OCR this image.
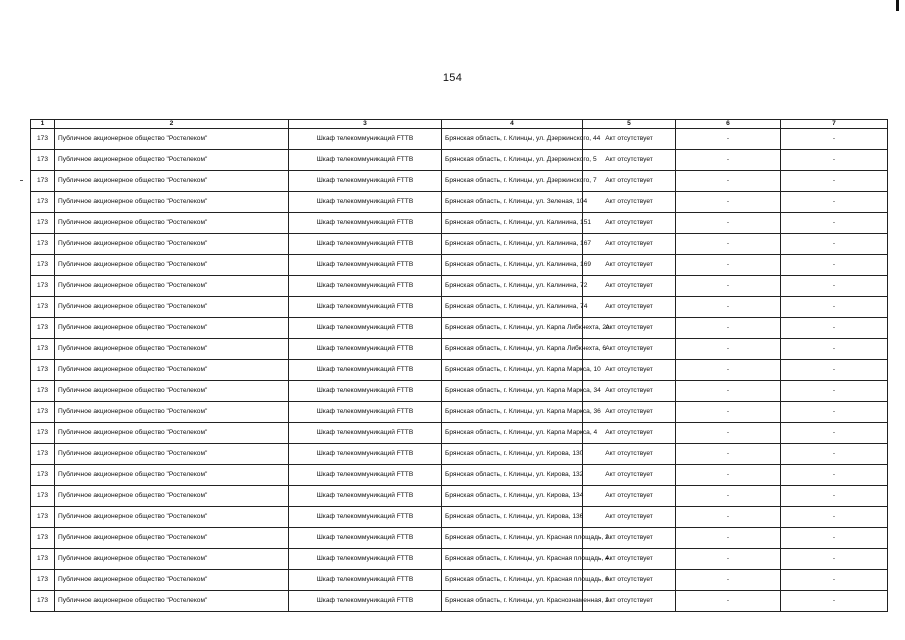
154
1	2	3	4	5	6	7
173	Публичное акционерное общество "Ростелеком"	Шкаф телекоммуникаций FTTB	Брянская область, г. Клинцы, ул. Дзержинского, 44	Акт отсутствует	-	-
173	Публичное акционерное общество "Ростелеком"	Шкаф телекоммуникаций FTTB	Брянская область, г. Клинцы, ул. Дзержинского, 5	Акт отсутствует	-	-
173	Публичное акционерное общество "Ростелеком"	Шкаф телекоммуникаций FTTB	Брянская область, г. Клинцы, ул. Дзержинского, 7	Акт отсутствует	-	-
173	Публичное акционерное общество "Ростелеком"	Шкаф телекоммуникаций FTTB	Брянская область, г. Клинцы, ул. Зеленая, 104	Акт отсутствует	-	-
173	Публичное акционерное общество "Ростелеком"	Шкаф телекоммуникаций FTTB	Брянская область, г. Клинцы, ул. Калинина, 151	Акт отсутствует	-	-
173	Публичное акционерное общество "Ростелеком"	Шкаф телекоммуникаций FTTB	Брянская область, г. Клинцы, ул. Калинина, 167	Акт отсутствует	-	-
173	Публичное акционерное общество "Ростелеком"	Шкаф телекоммуникаций FTTB	Брянская область, г. Клинцы, ул. Калинина, 169	Акт отсутствует	-	-
173	Публичное акционерное общество "Ростелеком"	Шкаф телекоммуникаций FTTB	Брянская область, г. Клинцы, ул. Калинина, 72	Акт отсутствует	-	-
173	Публичное акционерное общество "Ростелеком"	Шкаф телекоммуникаций FTTB	Брянская область, г. Клинцы, ул. Калинина, 74	Акт отсутствует	-	-
173	Публичное акционерное общество "Ростелеком"	Шкаф телекоммуникаций FTTB	Брянская область, г. Клинцы, ул. Карла Либкнехта, 2а	Акт отсутствует	-	-
173	Публичное акционерное общество "Ростелеком"	Шкаф телекоммуникаций FTTB	Брянская область, г. Клинцы, ул. Карла Либкнехта, 6	Акт отсутствует	-	-
173	Публичное акционерное общество "Ростелеком"	Шкаф телекоммуникаций FTTB	Брянская область, г. Клинцы, ул. Карла Маркса, 10	Акт отсутствует	-	-
173	Публичное акционерное общество "Ростелеком"	Шкаф телекоммуникаций FTTB	Брянская область, г. Клинцы, ул. Карла Маркса, 34	Акт отсутствует	-	-
173	Публичное акционерное общество "Ростелеком"	Шкаф телекоммуникаций FTTB	Брянская область, г. Клинцы, ул. Карла Маркса, 36	Акт отсутствует	-	-
173	Публичное акционерное общество "Ростелеком"	Шкаф телекоммуникаций FTTB	Брянская область, г. Клинцы, ул. Карла Маркса, 4	Акт отсутствует	-	-
173	Публичное акционерное общество "Ростелеком"	Шкаф телекоммуникаций FTTB	Брянская область, г. Клинцы, ул. Кирова, 130	Акт отсутствует	-	-
173	Публичное акционерное общество "Ростелеком"	Шкаф телекоммуникаций FTTB	Брянская область, г. Клинцы, ул. Кирова, 132	Акт отсутствует	-	-
173	Публичное акционерное общество "Ростелеком"	Шкаф телекоммуникаций FTTB	Брянская область, г. Клинцы, ул. Кирова, 134	Акт отсутствует	-	-
173	Публичное акционерное общество "Ростелеком"	Шкаф телекоммуникаций FTTB	Брянская область, г. Клинцы, ул. Кирова, 136	Акт отсутствует	-	-
173	Публичное акционерное общество "Ростелеком"	Шкаф телекоммуникаций FTTB	Брянская область, г. Клинцы, ул. Красная площадь, 2	Акт отсутствует	-	-
173	Публичное акционерное общество "Ростелеком"	Шкаф телекоммуникаций FTTB	Брянская область, г. Клинцы, ул. Красная площадь, 4	Акт отсутствует	-	-
173	Публичное акционерное общество "Ростелеком"	Шкаф телекоммуникаций FTTB	Брянская область, г. Клинцы, ул. Красная площадь, 6	Акт отсутствует	-	-
173	Публичное акционерное общество "Ростелеком"	Шкаф телекоммуникаций FTTB	Брянская область, г. Клинцы, ул. Краснознаменная, 1	Акт отсутствует	-	-
